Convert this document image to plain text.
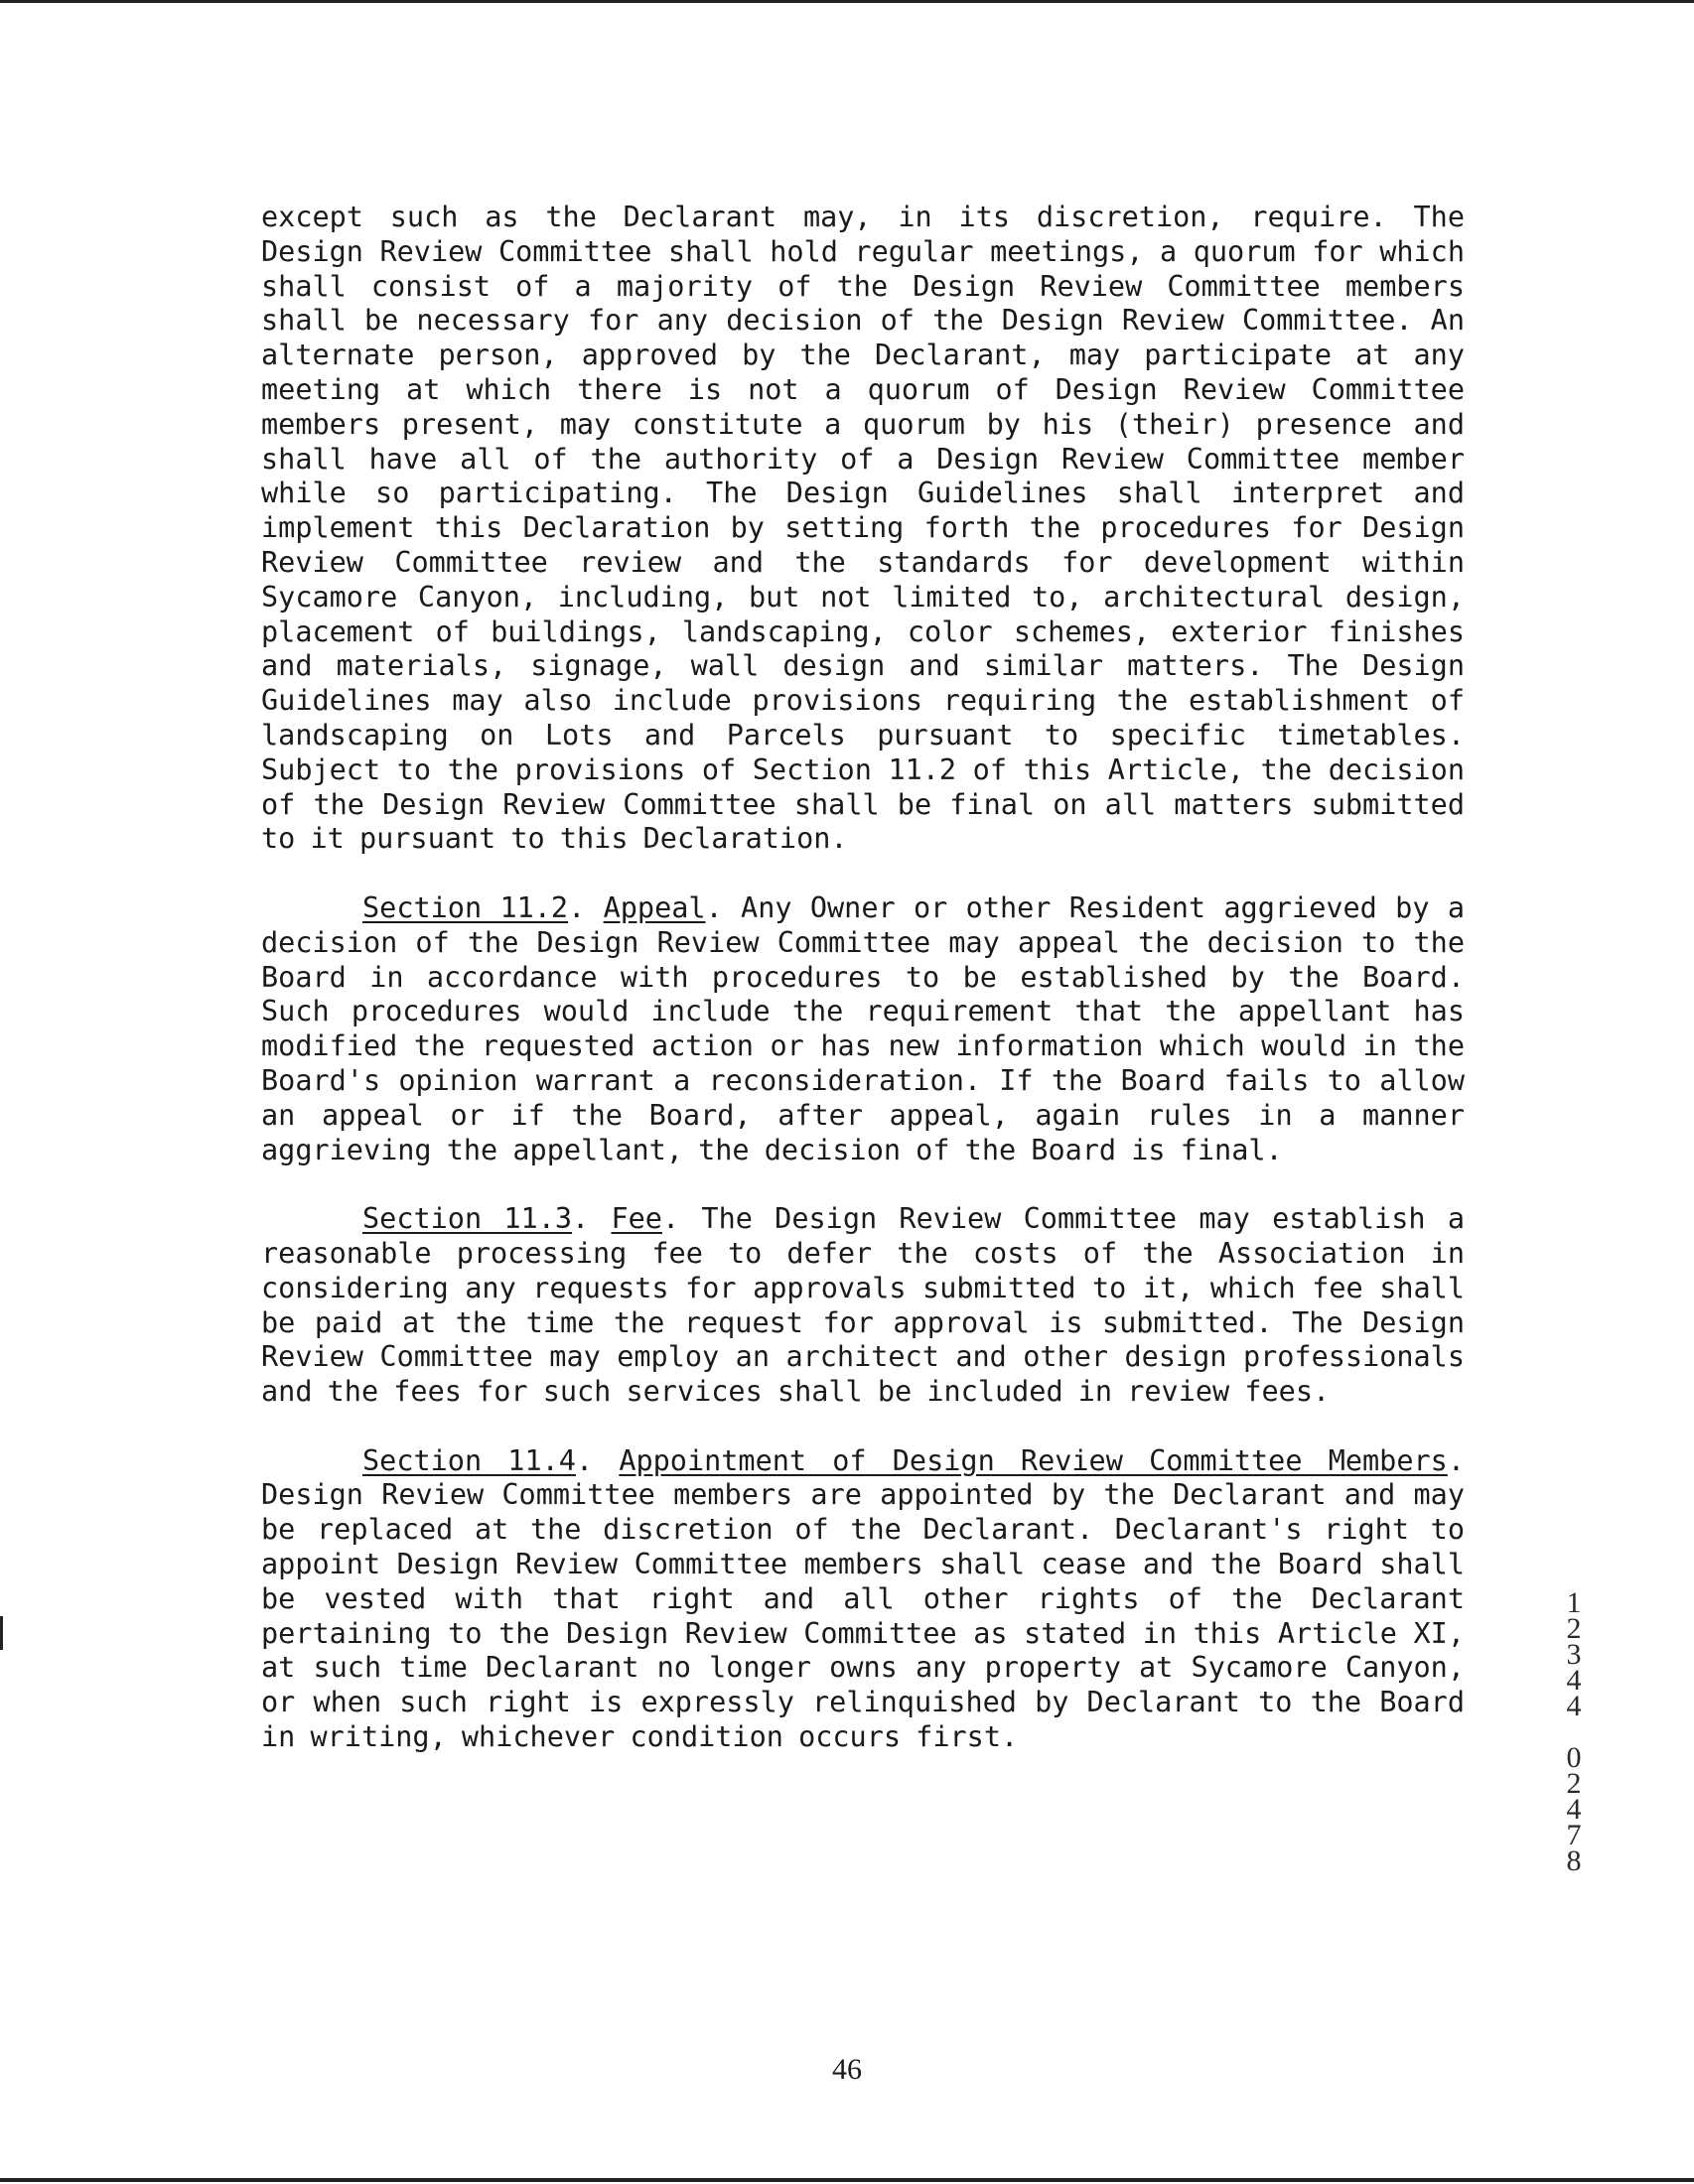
except such as the Declarant may, in its discretion, require. The Design Review Committee shall hold regular meetings, a quorum for which shall consist of a majority of the Design Review Committee members shall be necessary for any decision of the Design Review Committee. An alternate person, approved by the Declarant, may participate at any meeting at which there is not a quorum of Design Review Committee members present, may constitute a quorum by his (their) presence and shall have all of the authority of a Design Review Committee member while so participating. The Design Guidelines shall interpret and implement this Declaration by setting forth the procedures for Design Review Committee review and the standards for development within Sycamore Canyon, including, but not limited to, architectural design, placement of buildings, landscaping, color schemes, exterior finishes and materials, signage, wall design and similar matters. The Design Guidelines may also include provisions requiring the establishment of landscaping on Lots and Parcels pursuant to specific timetables. Subject to the provisions of Section 11.2 of this Article, the decision of the Design Review Committee shall be final on all matters submitted to it pursuant to this Declaration.

Section 11.2. Appeal. Any Owner or other Resident aggrieved by a decision of the Design Review Committee may appeal the decision to the Board in accordance with procedures to be established by the Board. Such procedures would include the requirement that the appellant has modified the requested action or has new information which would in the Board's opinion warrant a reconsideration. If the Board fails to allow an appeal or if the Board, after appeal, again rules in a manner aggrieving the appellant, the decision of the Board is final.

Section 11.3. Fee. The Design Review Committee may establish a reasonable processing fee to defer the costs of the Association in considering any requests for approvals submitted to it, which fee shall be paid at the time the request for approval is submitted. The Design Review Committee may employ an architect and other design professionals and the fees for such services shall be included in review fees.

Section 11.4. Appointment of Design Review Committee Members. Design Review Committee members are appointed by the Declarant and may be replaced at the discretion of the Declarant. Declarant's right to appoint Design Review Committee members shall cease and the Board shall be vested with that right and all other rights of the Declarant pertaining to the Design Review Committee as stated in this Article XI, at such time Declarant no longer owns any property at Sycamore Canyon, or when such right is expressly relinquished by Declarant to the Board in writing, whichever condition occurs first.

1
2
3
4
4
0
2
4
7
8
46
